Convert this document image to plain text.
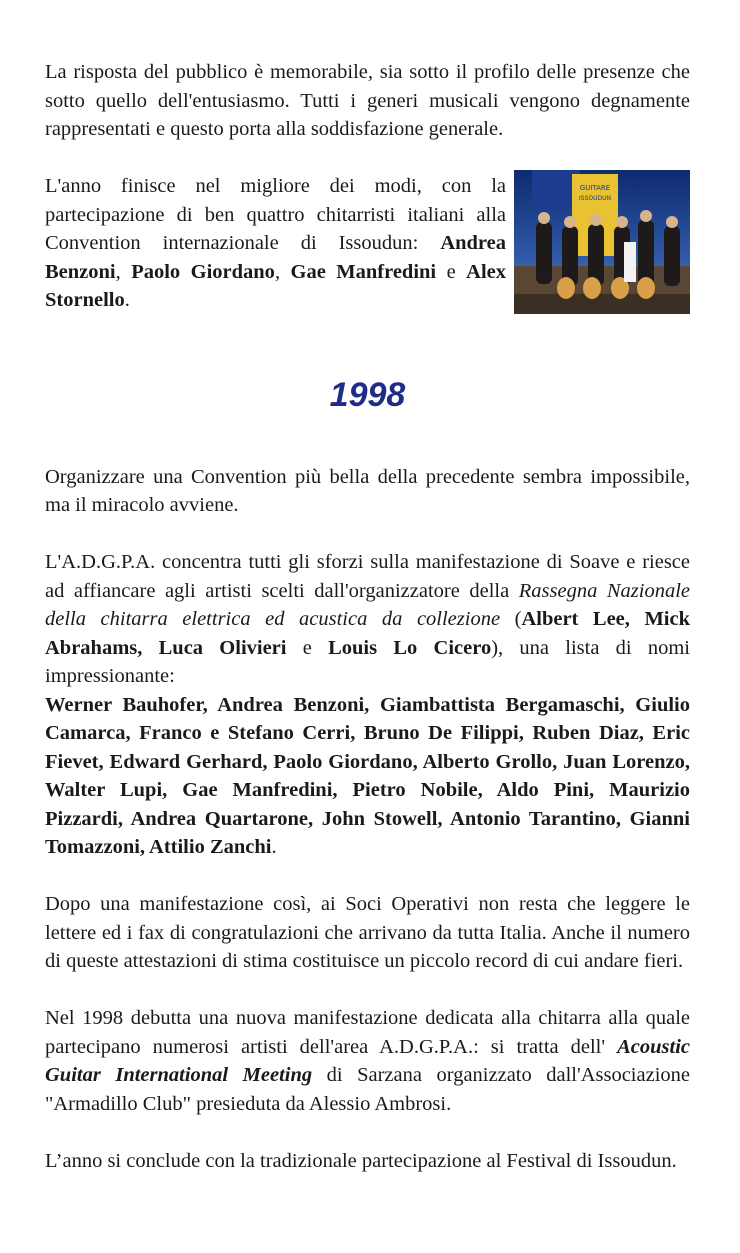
La risposta del pubblico è memorabile, sia sotto il profilo delle presenze che sotto quello dell'entusiasmo. Tutti i generi musicali vengono degnamente rappresentati e questo porta alla soddisfazione generale.

GUITARE
ISSOUDUN

L'anno finisce nel migliore dei modi, con la partecipazione di ben quattro chitarristi italiani alla Convention internazionale di Issoudun: Andrea Benzoni, Paolo Giordano, Gae Manfredini e Alex Stornello.

1998

Organizzare una Convention più bella della precedente sembra impossibile, ma il miracolo avviene.

L'A.D.G.P.A. concentra tutti gli sforzi sulla manifestazione di Soave e riesce ad affiancare agli artisti scelti dall'organizzatore della Rassegna Nazionale della chitarra elettrica ed acustica da collezione (Albert Lee, Mick Abrahams, Luca Olivieri e Louis Lo Cicero), una lista di nomi impressionante:
Werner Bauhofer, Andrea Benzoni, Giambattista Bergamaschi, Giulio Camarca, Franco e Stefano Cerri, Bruno De Filippi, Ruben Diaz, Eric Fievet, Edward Gerhard, Paolo Giordano, Alberto Grollo, Juan Lorenzo, Walter Lupi, Gae Manfredini, Pietro Nobile, Aldo Pini, Maurizio Pizzardi, Andrea Quartarone, John Stowell, Antonio Tarantino, Gianni Tomazzoni, Attilio Zanchi.

Dopo una manifestazione così, ai Soci Operativi non resta che leggere le lettere ed i fax di congratulazioni che arrivano da tutta Italia. Anche il numero di queste attestazioni di stima costituisce un piccolo record di cui andare fieri.

Nel 1998 debutta una nuova manifestazione dedicata alla chitarra alla quale partecipano numerosi artisti dell'area A.D.G.P.A.: si tratta dell' Acoustic Guitar International Meeting di Sarzana organizzato dall'Associazione "Armadillo Club" presieduta da Alessio Ambrosi.

L’anno si conclude con la tradizionale partecipazione al Festival di Issoudun.
